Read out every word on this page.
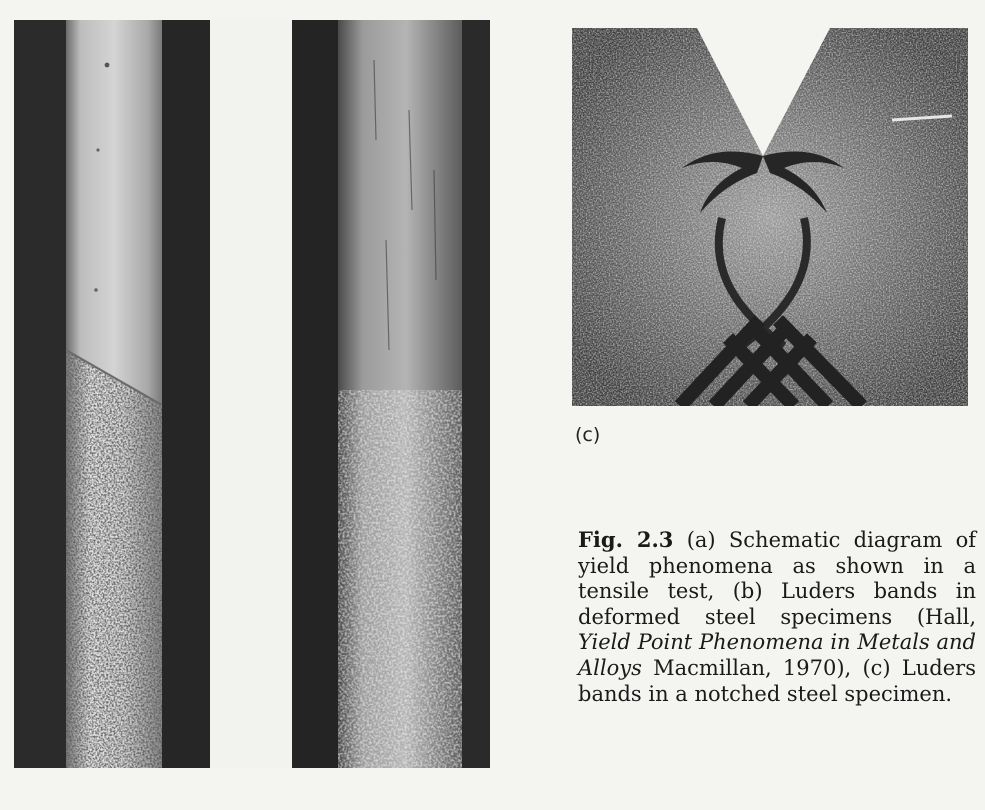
(c)

Fig. 2.3 (a) Schematic diagram of yield phenomena as shown in a tensile test, (b) Luders bands in deformed steel specimens (Hall, Yield Point Phenomena in Metals and Alloys Macmillan, 1970), (c) Luders bands in a notched steel specimen.
